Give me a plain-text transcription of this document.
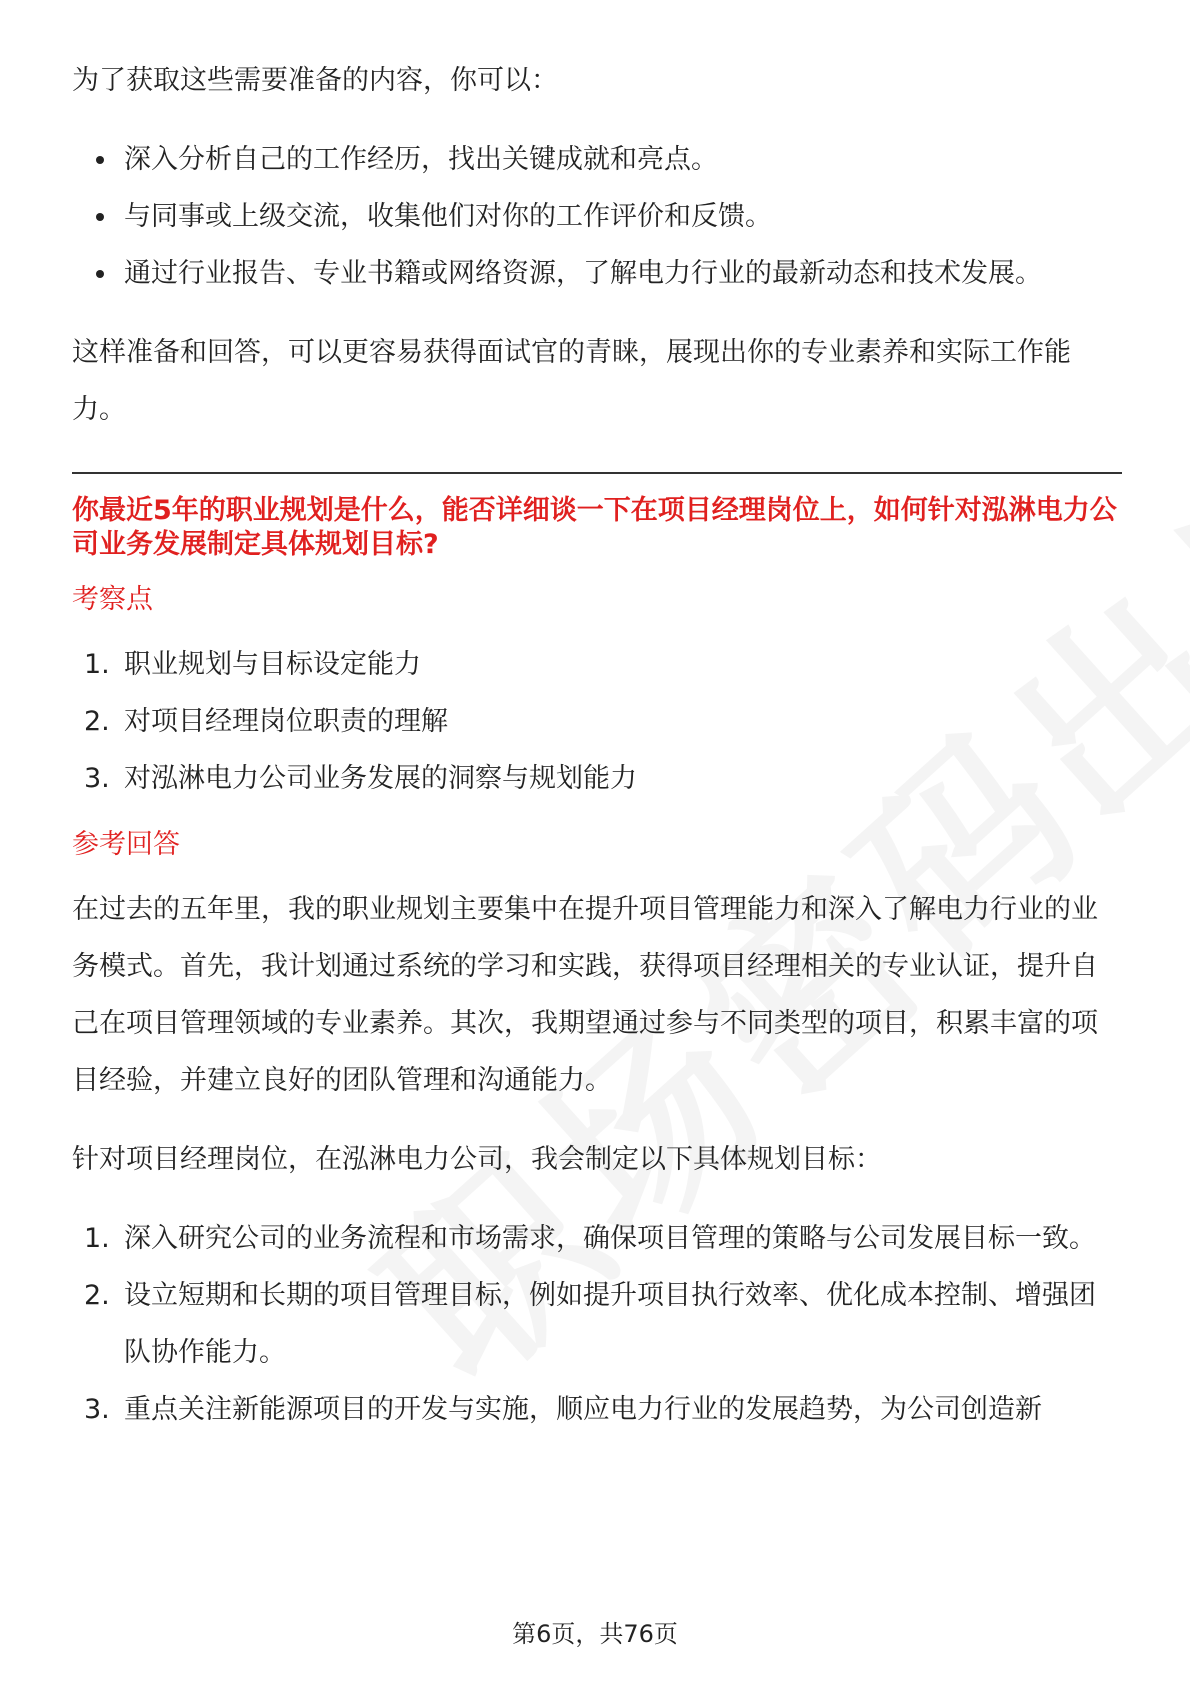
为了获取这些需要准备的内容，你可以：

深入分析自己的工作经历，找出关键成就和亮点。
与同事或上级交流，收集他们对你的工作评价和反馈。
通过行业报告、专业书籍或网络资源，了解电力行业的最新动态和技术发展。

这样准备和回答，可以更容易获得面试官的青睐，展现出你的专业素养和实际工作能力。

你最近5年的职业规划是什么，能否详细谈一下在项目经理岗位上，如何针对泓淋电力公司业务发展制定具体规划目标?
考察点
1. 职业规划与目标设定能力
2. 对项目经理岗位职责的理解
3. 对泓淋电力公司业务发展的洞察与规划能力
参考回答

在过去的五年里，我的职业规划主要集中在提升项目管理能力和深入了解电力行业的业务模式。首先，我计划通过系统的学习和实践，获得项目经理相关的专业认证，提升自己在项目管理领域的专业素养。其次，我期望通过参与不同类型的项目，积累丰富的项目经验，并建立良好的团队管理和沟通能力。

针对项目经理岗位，在泓淋电力公司，我会制定以下具体规划目标：

1. 深入研究公司的业务流程和市场需求，确保项目管理的策略与公司发展目标一致。
2. 设立短期和长期的项目管理目标，例如提升项目执行效率、优化成本控制、增强团队协作能力。
3. 重点关注新能源项目的开发与实施，顺应电力行业的发展趋势，为公司创造新
第6页，共76页
